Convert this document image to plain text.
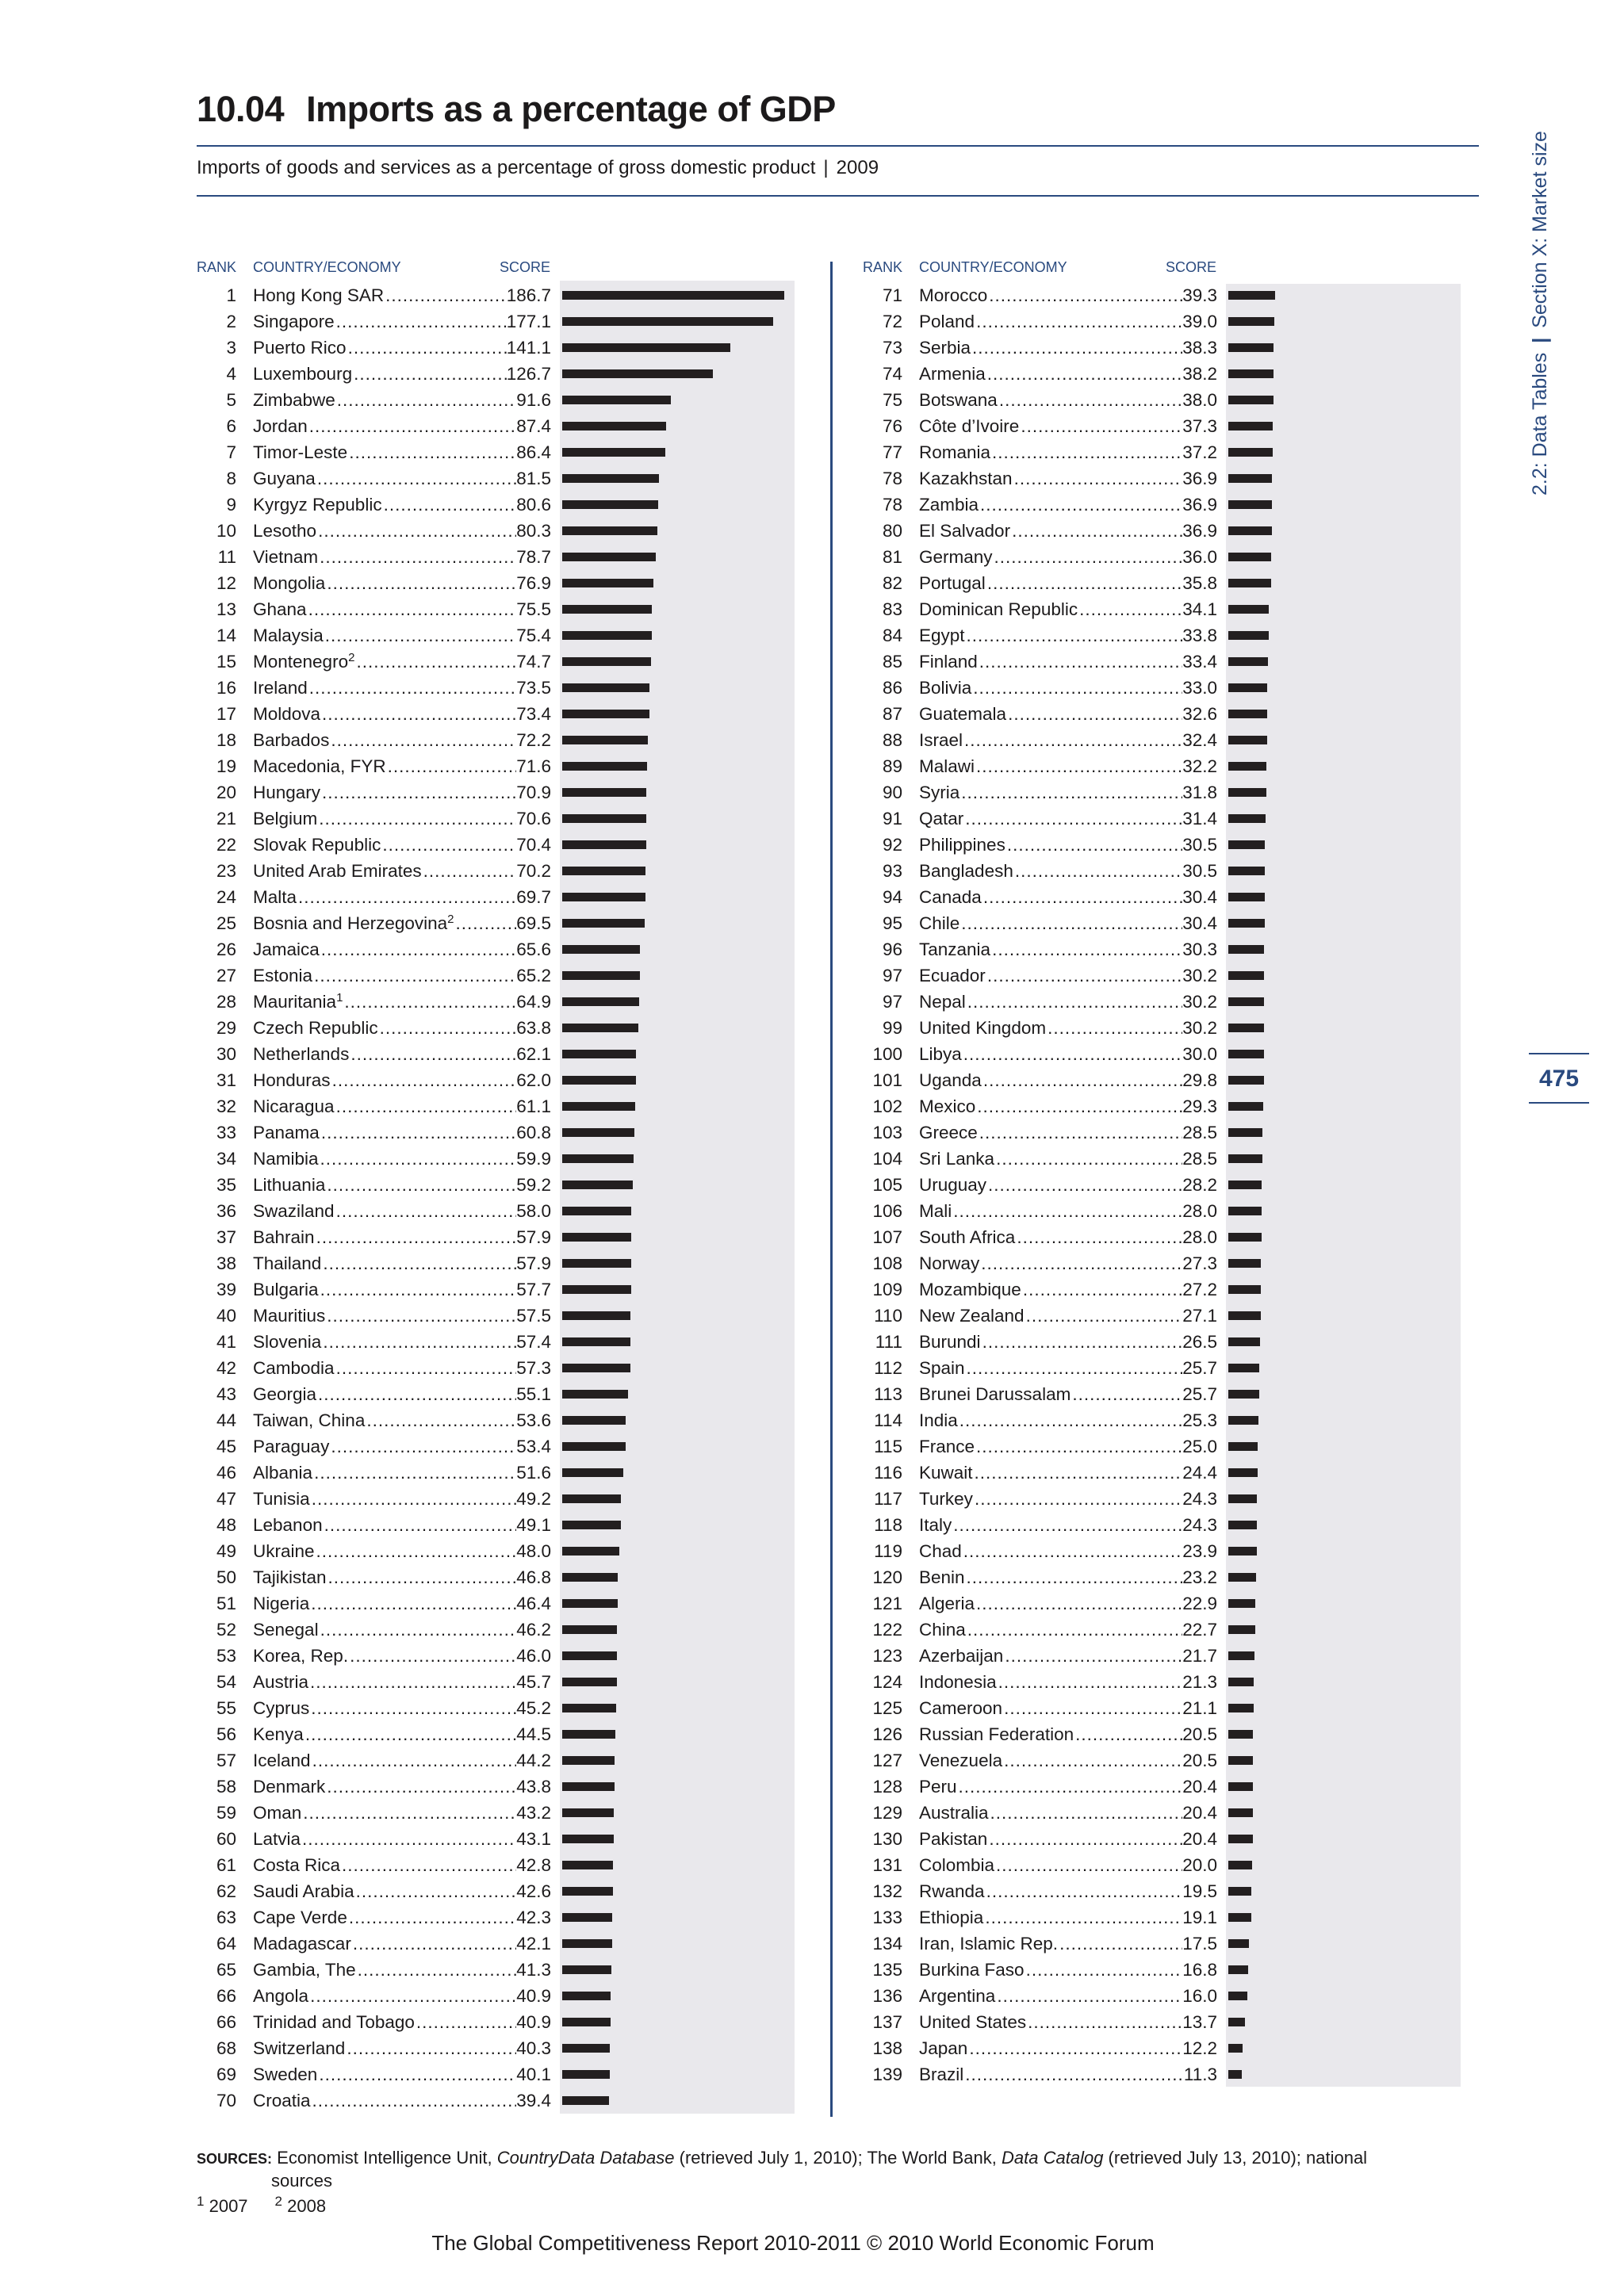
10.04 Imports as a percentage of GDP
Imports of goods and services as a percentage of gross domestic product | 2009
2.2: Data Tables|Section X: Market size
475
RANK COUNTRY/ECONOMY	SCORE
1 Hong Kong SAR .....	186.7
2 Singapore .....	177.1
3 Puerto Rico .....	141.1
4 Luxembourg .....	126.7
5 Zimbabwe .....	91.6
6 Jordan .....	87.4
7 Timor-Leste .....	86.4
8 Guyana .....	81.5
9 Kyrgyz Republic .....	80.6
10 Lesotho .....	80.3
11 Vietnam .....	78.7
12 Mongolia .....	76.9
13 Ghana .....	75.5
14 Malaysia .....	75.4
15 Montenegro$^2$ .....	74.7
16 Ireland .....	73.5
17 Moldova .....	73.4
18 Barbados .....	72.2
19 Macedonia, FYR .....	71.6
20 Hungary .....	70.9
21 Belgium .....	70.6
22 Slovak Republic .....	70.4
23 United Arab Emirates .....	70.2
24 Malta .....	69.7
25 Bosnia and Herzegovina$^2$ .....	69.5
26 Jamaica .....	65.6
27 Estonia .....	65.2
28 Mauritania$^1$ .....	64.9
29 Czech Republic .....	63.8
30 Netherlands .....	62.1
31 Honduras .....	62.0
32 Nicaragua .....	61.1
33 Panama .....	60.8
34 Namibia .....	59.9
35 Lithuania .....	59.2
36 Swaziland .....	58.0
37 Bahrain .....	57.9
38 Thailand .....	57.9
39 Bulgaria .....	57.7
40 Mauritius .....	57.5
41 Slovenia .....	57.4
42 Cambodia .....	57.3
43 Georgia .....	55.1
44 Taiwan, China .....	53.6
45 Paraguay .....	53.4
46 Albania .....	51.6
47 Tunisia .....	49.2
48 Lebanon .....	49.1
49 Ukraine .....	48.0
50 Tajikistan .....	46.8
51 Nigeria .....	46.4
52 Senegal .....	46.2
53 Korea, Rep. .....	46.0
54 Austria .....	45.7
55 Cyprus .....	45.2
56 Kenya .....	44.5
57 Iceland .....	44.2
58 Denmark .....	43.8
59 Oman .....	43.2
60 Latvia .....	43.1
61 Costa Rica .....	42.8
62 Saudi Arabia .....	42.6
63 Cape Verde .....	42.3
64 Madagascar .....	42.1
65 Gambia, The .....	41.3
66 Angola .....	40.9
66 Trinidad and Tobago .....	40.9
68 Switzerland .....	40.3
69 Sweden .....	40.1
70 Croatia .....	39.4
RANK COUNTRY/ECONOMY	SCORE
71 Morocco .....	39.3
72 Poland .....	39.0
73 Serbia .....	38.3
74 Armenia .....	38.2
75 Botswana .....	38.0
76 Côte d’Ivoire .....	37.3
77 Romania .....	37.2
78 Kazakhstan .....	36.9
78 Zambia .....	36.9
80 El Salvador .....	36.9
81 Germany .....	36.0
82 Portugal .....	35.8
83 Dominican Republic .....	34.1
84 Egypt .....	33.8
85 Finland .....	33.4
86 Bolivia .....	33.0
87 Guatemala .....	32.6
88 Israel .....	32.4
89 Malawi .....	32.2
90 Syria .....	31.8
91 Qatar .....	31.4
92 Philippines .....	30.5
93 Bangladesh .....	30.5
94 Canada .....	30.4
95 Chile .....	30.4
96 Tanzania .....	30.3
97 Ecuador .....	30.2
97 Nepal .....	30.2
99 United Kingdom .....	30.2
100 Libya .....	30.0
101 Uganda .....	29.8
102 Mexico .....	29.3
103 Greece .....	28.5
104 Sri Lanka .....	28.5
105 Uruguay .....	28.2
106 Mali .....	28.0
107 South Africa .....	28.0
108 Norway .....	27.3
109 Mozambique .....	27.2
110 New Zealand .....	27.1
111 Burundi .....	26.5
112 Spain .....	25.7
113 Brunei Darussalam .....	25.7
114 India .....	25.3
115 France .....	25.0
116 Kuwait .....	24.4
117 Turkey .....	24.3
118 Italy .....	24.3
119 Chad .....	23.9
120 Benin .....	23.2
121 Algeria .....	22.9
122 China .....	22.7
123 Azerbaijan .....	21.7
124 Indonesia .....	21.3
125 Cameroon .....	21.1
126 Russian Federation .....	20.5
127 Venezuela .....	20.5
128 Peru .....	20.4
129 Australia .....	20.4
130 Pakistan .....	20.4
131 Colombia .....	20.0
132 Rwanda .....	19.5
133 Ethiopia .....	19.1
134 Iran, Islamic Rep. .....	17.5
135 Burkina Faso .....	16.8
136 Argentina .....	16.0
137 United States .....	13.7
138 Japan .....	12.2
139 Brazil .....	11.3
SOURCES: Economist Intelligence Unit, CountryData Database (retrieved July 1, 2010); The World Bank, Data Catalog (retrieved July 13, 2010); national
sources
$^1$ 2007 $^2$ 2008
The Global Competitiveness Report 2010-2011 © 2010 World Economic Forum
